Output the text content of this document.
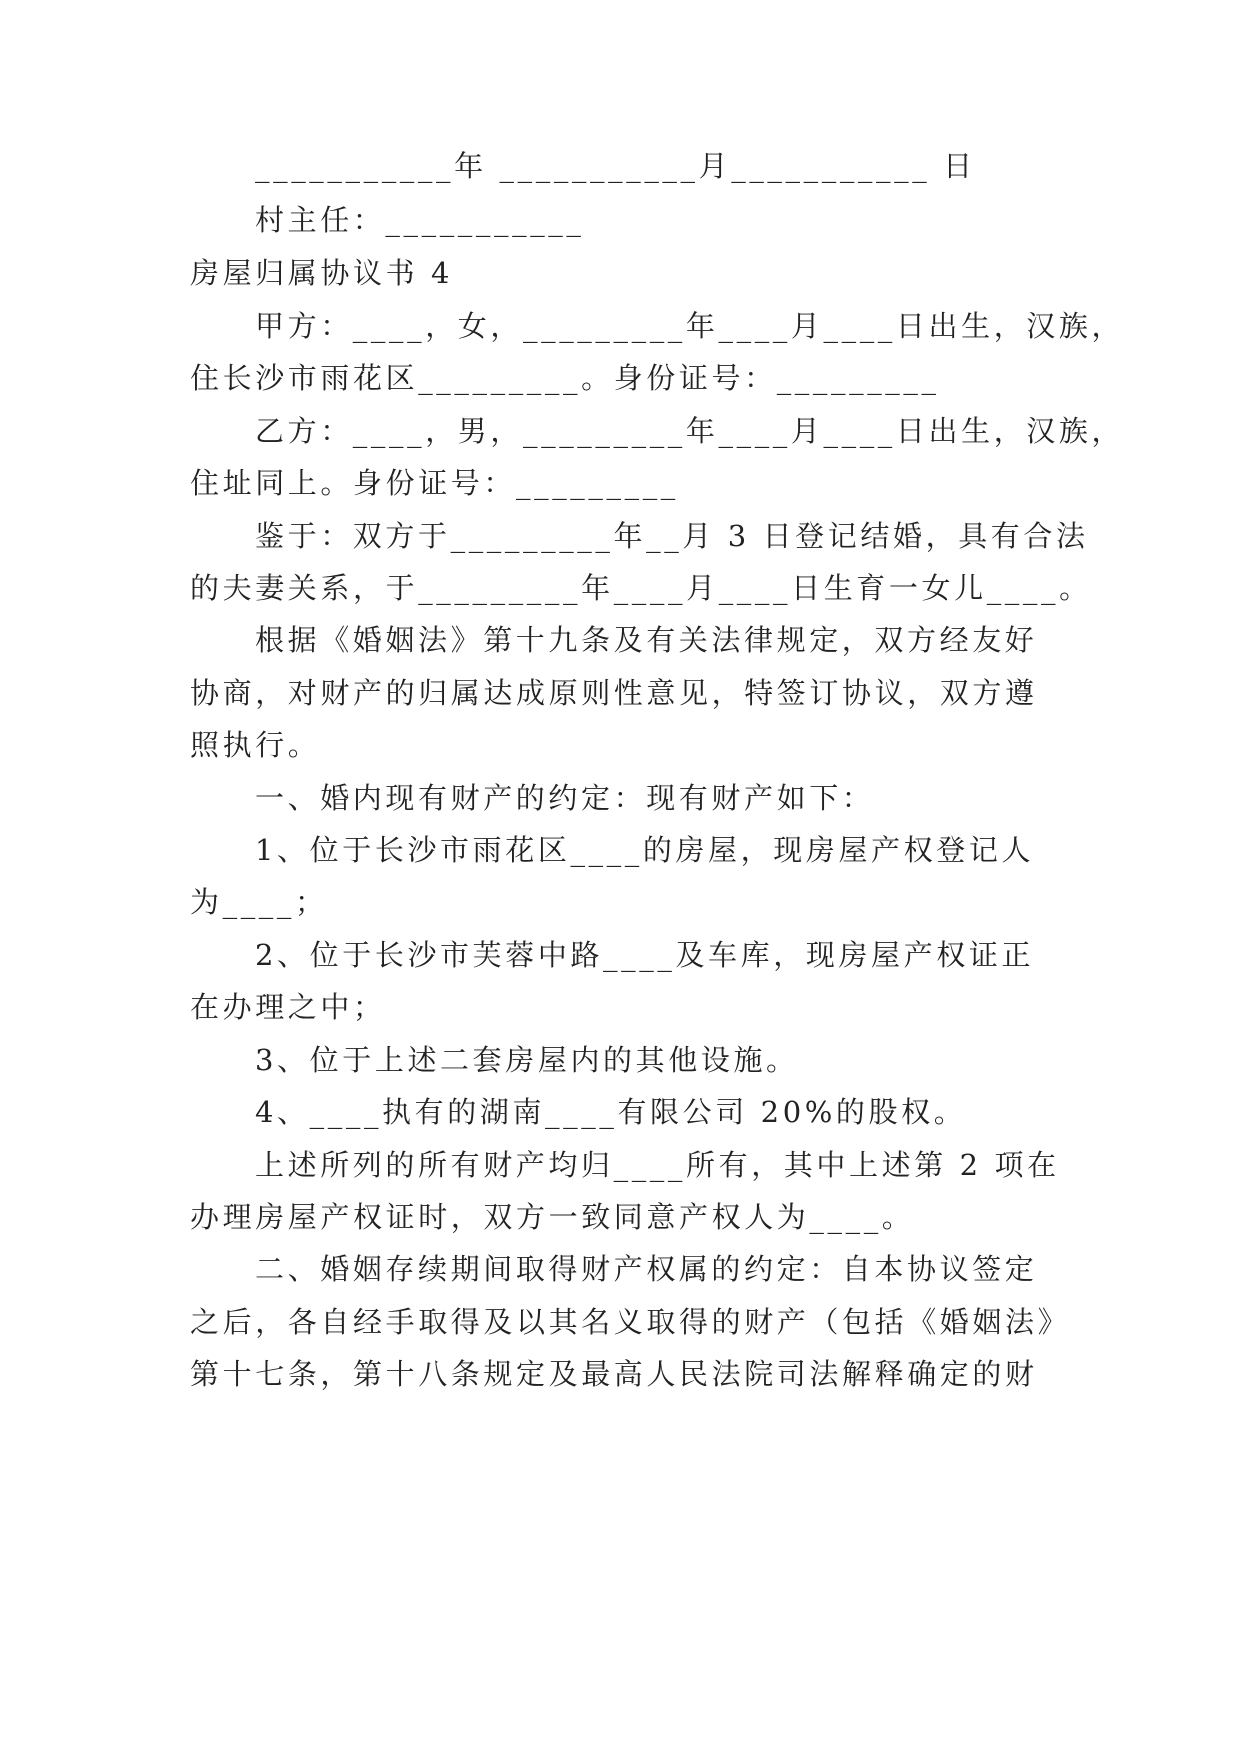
___________年 ___________月___________ 日
村主任：___________
房屋归属协议书 4
甲方：____，女，_________年____月____日出生，汉族，
住长沙市雨花区_________。身份证号：_________
乙方：____，男，_________年____月____日出生，汉族，
住址同上。身份证号：_________
鉴于：双方于_________年__月 3 日登记结婚，具有合法
的夫妻关系，于_________年____月____日生育一女儿____。
根据《婚姻法》第十九条及有关法律规定，双方经友好
协商，对财产的归属达成原则性意见，特签订协议，双方遵
照执行。
一、婚内现有财产的约定：现有财产如下：
1、位于长沙市雨花区____的房屋，现房屋产权登记人
为____；
2、位于长沙市芙蓉中路____及车库，现房屋产权证正
在办理之中；
3、位于上述二套房屋内的其他设施。
4、____执有的湖南____有限公司 20%的股权。
上述所列的所有财产均归____所有，其中上述第 2 项在
办理房屋产权证时，双方一致同意产权人为____。
二、婚姻存续期间取得财产权属的约定：自本协议签定
之后，各自经手取得及以其名义取得的财产（包括《婚姻法》
第十七条，第十八条规定及最高人民法院司法解释确定的财
